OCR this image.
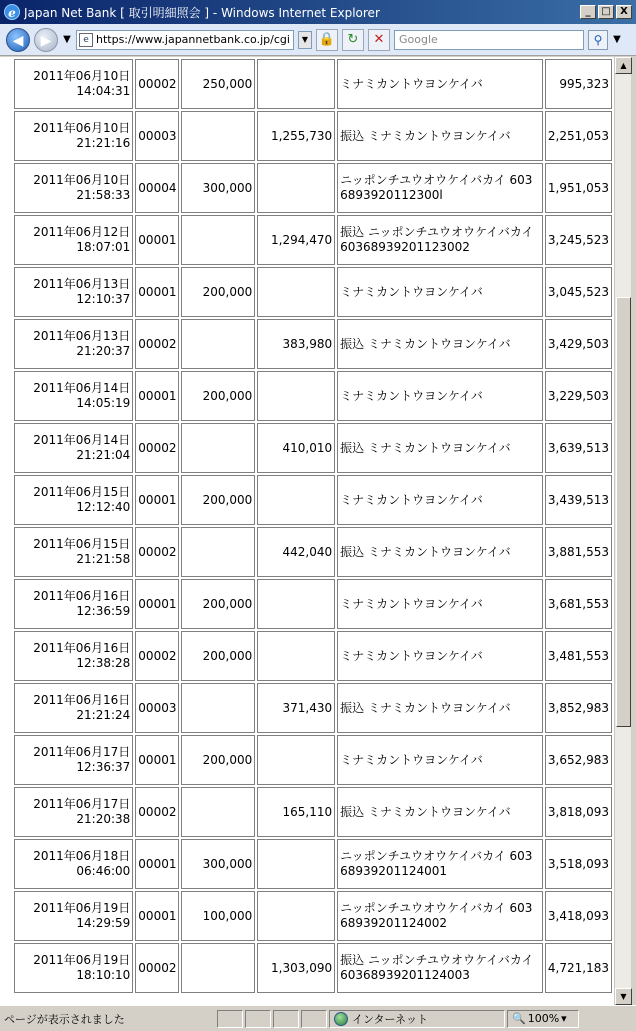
e Japan Net Bank [ 取引明細照会 ] - Windows Internet Explorer	_	□ X
◀	▶	▼	e https://www.japannetbank.co.jp/cgi	▼ 🔒 ↻	✕	Google	⚲	▼
2011年06月10日
14:04:31	00002	250,000		ミナミカントウヨンケイバ	995,323

2011年06月10日
21:21:16	00003		1,255,730	振込 ミナミカントウヨンケイバ	2,251,053

2011年06月10日
21:58:33	00004	300,000		ニッポンチユウオウケイバカイ 6036893920112300l	1,951,053

2011年06月12日
18:07:01	00001		1,294,470	振込 ニッポンチユウオウケイバカイ 60368939201123002	3,245,523

2011年06月13日
12:10:37	00001	200,000		ミナミカントウヨンケイバ	3,045,523

2011年06月13日
21:20:37	00002		383,980	振込 ミナミカントウヨンケイバ	3,429,503

2011年06月14日
14:05:19	00001	200,000		ミナミカントウヨンケイバ	3,229,503

2011年06月14日
21:21:04	00002		410,010	振込 ミナミカントウヨンケイバ	3,639,513

2011年06月15日
12:12:40	00001	200,000		ミナミカントウヨンケイバ	3,439,513

2011年06月15日
21:21:58	00002		442,040	振込 ミナミカントウヨンケイバ	3,881,553

2011年06月16日
12:36:59	00001	200,000		ミナミカントウヨンケイバ	3,681,553

2011年06月16日
12:38:28	00002	200,000		ミナミカントウヨンケイバ	3,481,553

2011年06月16日
21:21:24	00003		371,430	振込 ミナミカントウヨンケイバ	3,852,983

2011年06月17日
12:36:37	00001	200,000		ミナミカントウヨンケイバ	3,652,983

2011年06月17日
21:20:38	00002		165,110	振込 ミナミカントウヨンケイバ	3,818,093

2011年06月18日
06:46:00	00001	300,000		ニッポンチユウオウケイバカイ 60368939201124001	3,518,093

2011年06月19日
14:29:59	00001	100,000		ニッポンチユウオウケイバカイ 60368939201124002	3,418,093

2011年06月19日
18:10:10	00002		1,303,090	振込 ニッポンチユウオウケイバカイ 60368939201124003	4,721,183
▲
▼
ページが表示されました	インターネット	🔍 100% ▾
